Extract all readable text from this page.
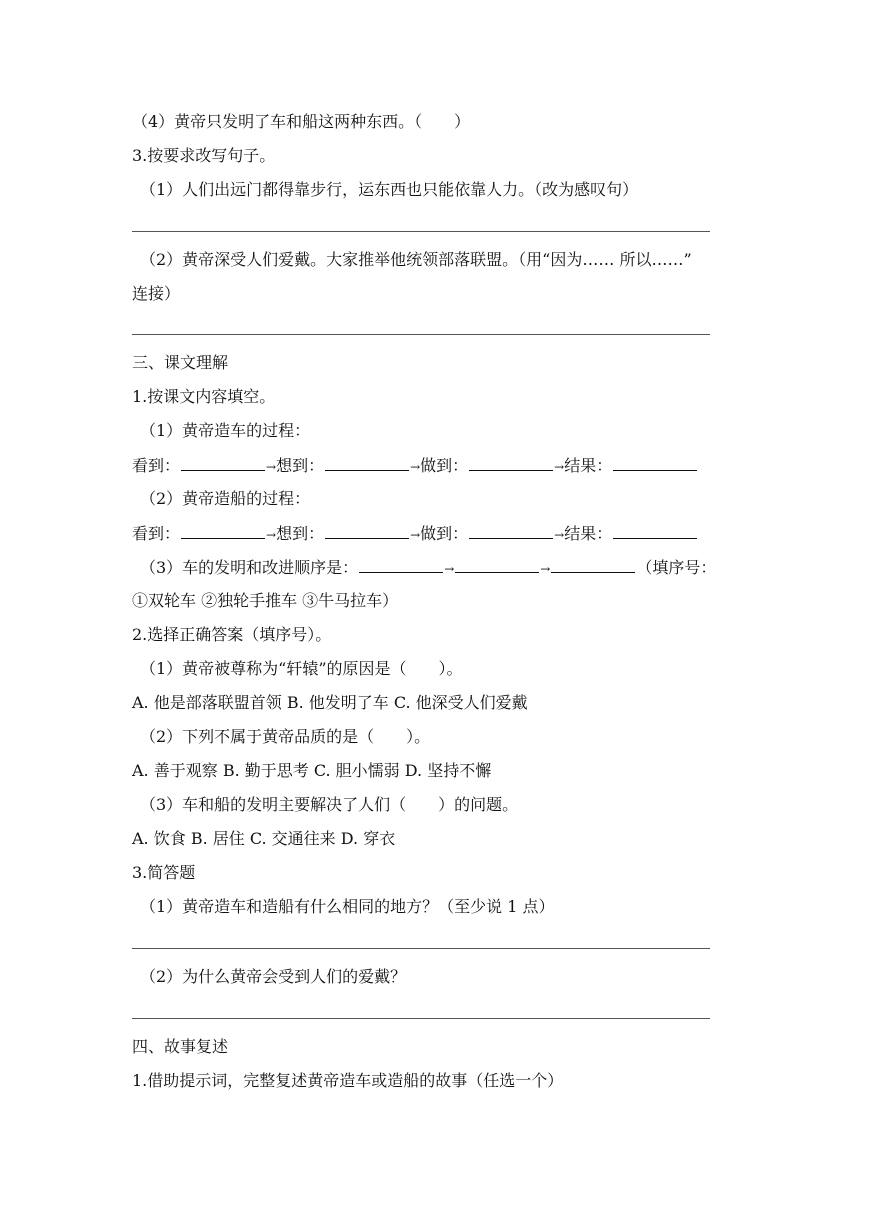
（4）黄帝只发明了车和船这两种东西。（　　）
3.按要求改写句子。
（1）人们出远门都得靠步行，运东西也只能依靠人力。（改为感叹句）
（2）黄帝深受人们爱戴。大家推举他统领部落联盟。（用“因为…… 所以……”
连接）
三、课文理解
1.按课文内容填空。
（1）黄帝造车的过程：
看到：	→想到：	→做到：	→结果：
（2）黄帝造船的过程：
看到：	→想到：	→做到：	→结果：
（3）车的发明和改进顺序是：	→	→	（填序号：
①双轮车 ②独轮手推车 ③牛马拉车）
2.选择正确答案（填序号）。
（1）黄帝被尊称为“轩辕”的原因是（　　）。
A. 他是部落联盟首领 B. 他发明了车 C. 他深受人们爱戴
（2）下列不属于黄帝品质的是（　　）。
A. 善于观察 B. 勤于思考 C. 胆小懦弱 D. 坚持不懈
（3）车和船的发明主要解决了人们（　　）的问题。
A. 饮食 B. 居住 C. 交通往来 D. 穿衣
3.简答题
（1）黄帝造车和造船有什么相同的地方？（至少说 1 点）
（2）为什么黄帝会受到人们的爱戴？
四、故事复述
1.借助提示词，完整复述黄帝造车或造船的故事（任选一个）
